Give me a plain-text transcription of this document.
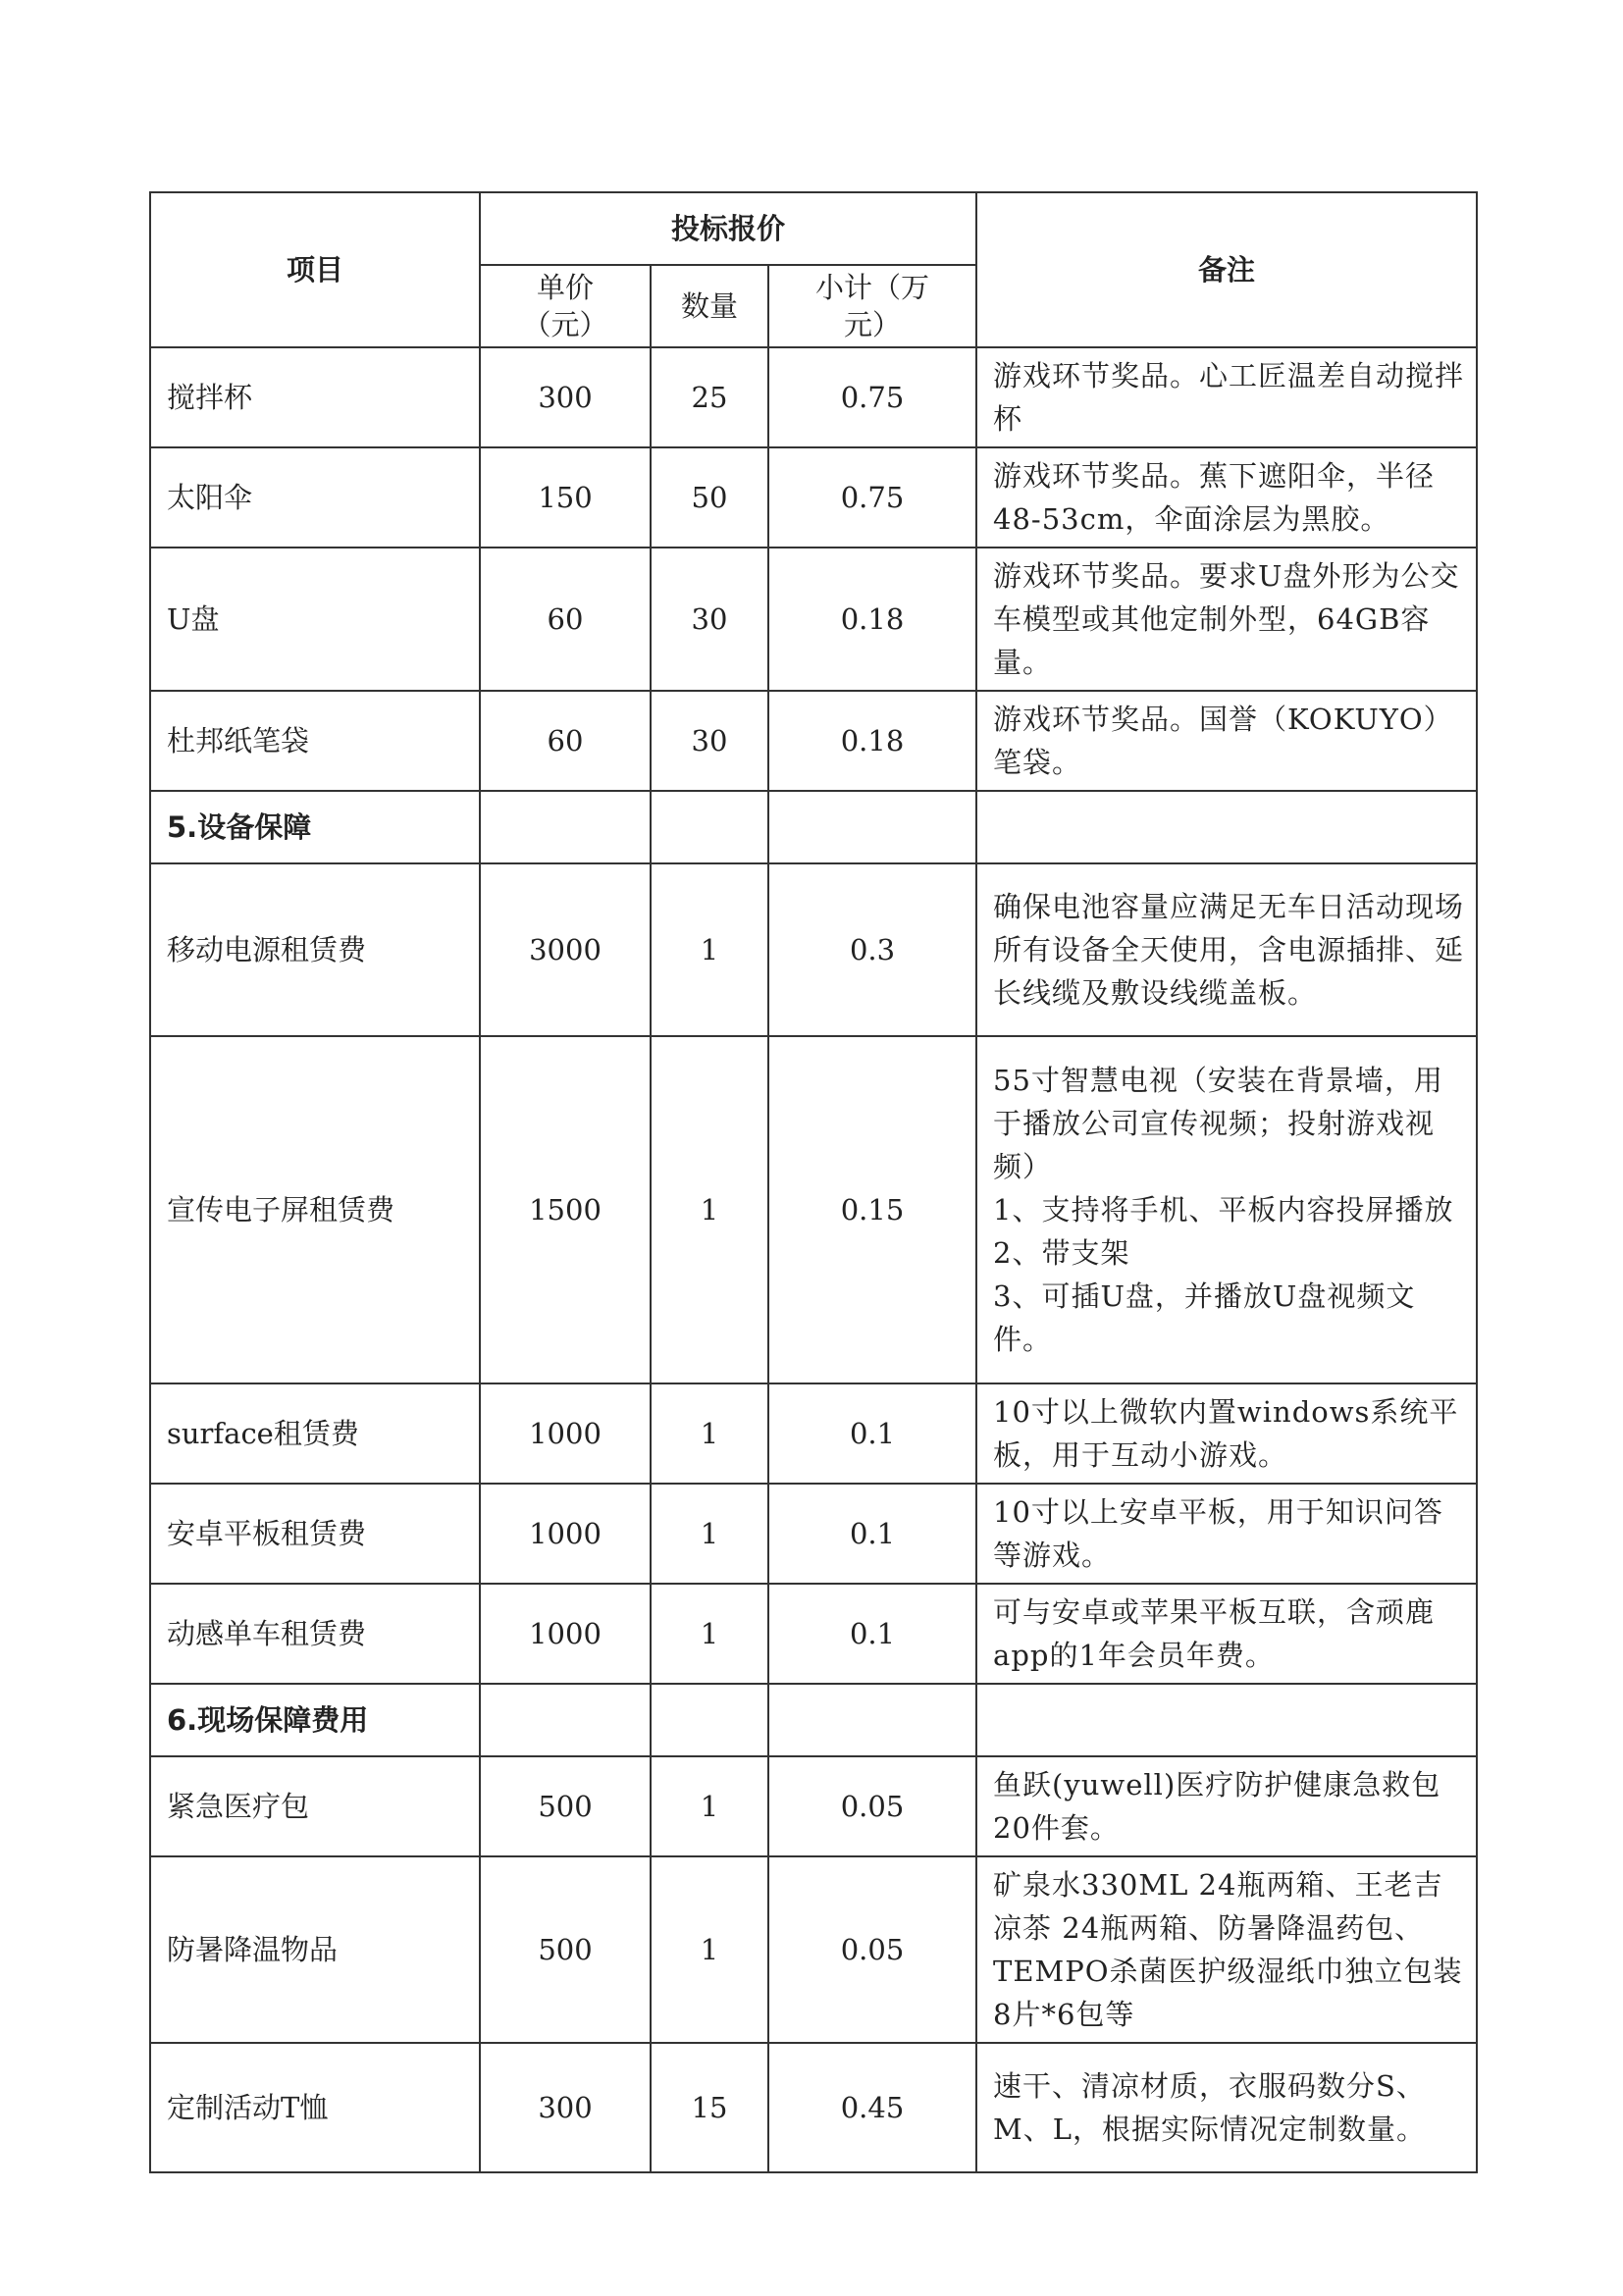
项目	投标报价			备注

	单价（元）	数量	小计（万元）	

搅拌杯	300	25	0.75	游戏环节奖品。心工匠温差自动搅拌杯

太阳伞	150	50	0.75	游戏环节奖品。蕉下遮阳伞，半径48-53cm，伞面涂层为黑胶。

U盘	60	30	0.18	游戏环节奖品。要求U盘外形为公交车模型或其他定制外型，64GB容量。

杜邦纸笔袋	60	30	0.18	游戏环节奖品。国誉（KOKUYO）笔袋。

5.设备保障				
移动电源租赁费	3000	1	0.3	确保电池容量应满足无车日活动现场所有设备全天使用，含电源插排、延长线缆及敷设线缆盖板。

宣传电子屏租赁费	1500	1	0.15	55寸智慧电视（安装在背景墙，用于播放公司宣传视频；投射游戏视频）
1、支持将手机、平板内容投屏播放
2、带支架
3、可插U盘，并播放U盘视频文件。

surface租赁费	1000	1	0.1	10寸以上微软内置windows系统平板，用于互动小游戏。

安卓平板租赁费	1000	1	0.1	10寸以上安卓平板，用于知识问答等游戏。

动感单车租赁费	1000	1	0.1	可与安卓或苹果平板互联，含顽鹿app的1年会员年费。

6.现场保障费用				
紧急医疗包	500	1	0.05	鱼跃(yuwell)医疗防护健康急救包20件套。

防暑降温物品	500	1	0.05	矿泉水330ML 24瓶两箱、王老吉凉茶 24瓶两箱、防暑降温药包、TEMPO杀菌医护级湿纸巾独立包装8片*6包等

定制活动T恤	300	15	0.45	速干、清凉材质，衣服码数分S、M、L，根据实际情况定制数量。
